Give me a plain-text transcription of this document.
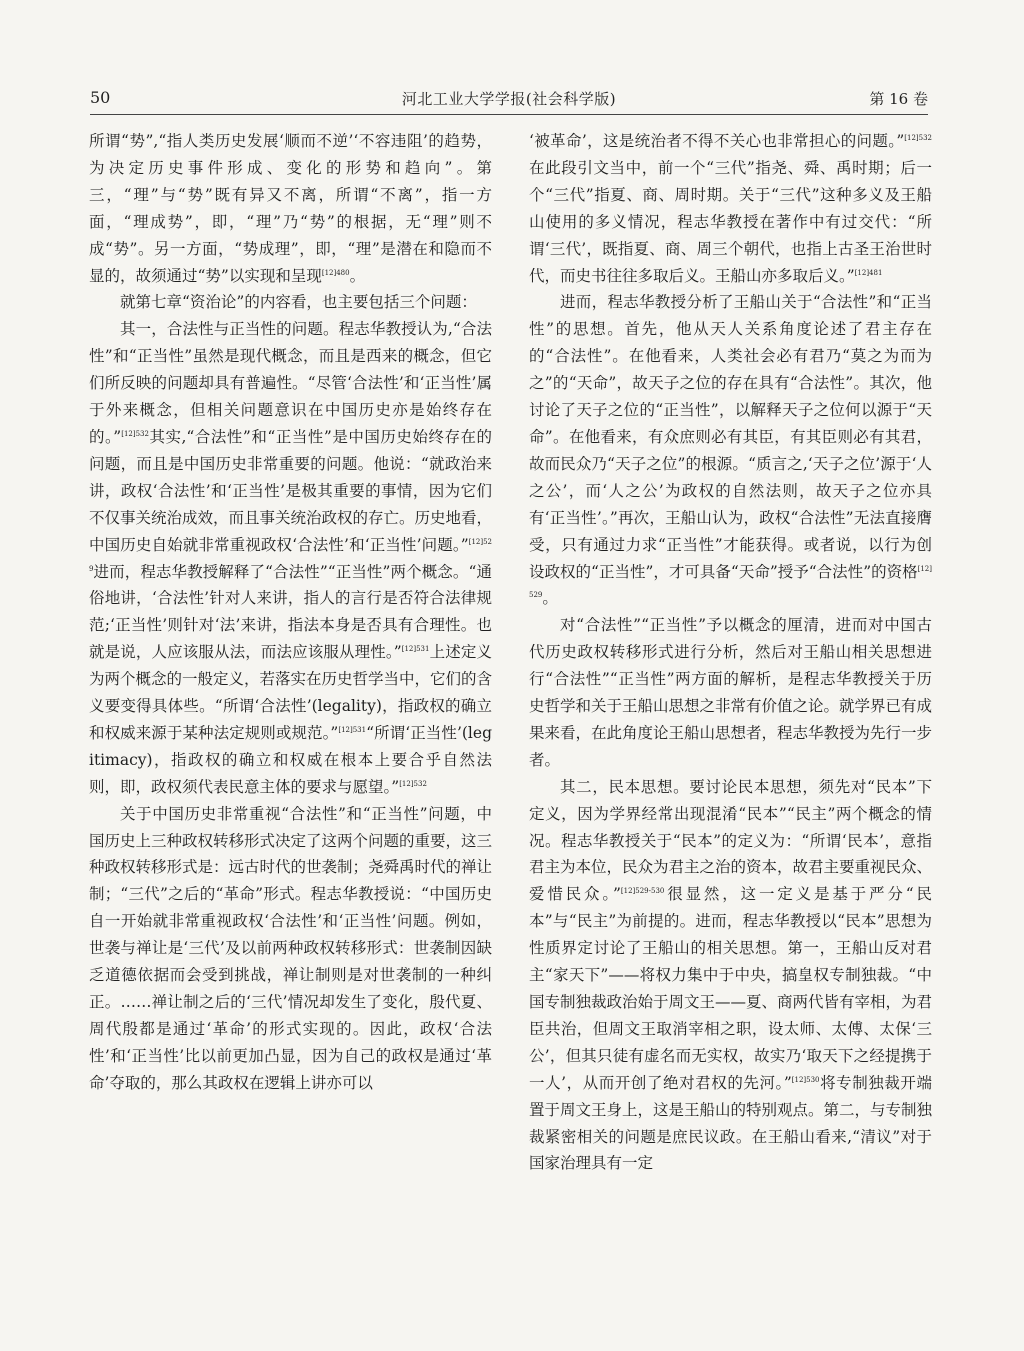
50	河北工业大学学报(社会科学版)	第 16 卷

所谓“势”,“指人类历史发展‘顺而不逆’‘不容违阻’的趋势，为决定历史事件形成、变化的形势和趋向”。第三，“理”与“势”既有异又不离，所谓“不离”，指一方面，“理成势”，即，“理”乃“势”的根据，无“理”则不成“势”。另一方面，“势成理”，即，“理”是潜在和隐而不显的，故须通过“势”以实现和呈现$^{[12]480}$。

就第七章“资治论”的内容看，也主要包括三个问题：

其一，合法性与正当性的问题。程志华教授认为,“合法性”和“正当性”虽然是现代概念，而且是西来的概念，但它们所反映的问题却具有普遍性。“尽管‘合法性’和‘正当性’属于外来概念，但相关问题意识在中国历史亦是始终存在的。”$^{[12]532}$其实,“合法性”和“正当性”是中国历史始终存在的问题，而且是中国历史非常重要的问题。他说：“就政治来讲，政权‘合法性’和‘正当性’是极其重要的事情，因为它们不仅事关统治成效，而且事关统治政权的存亡。历史地看，中国历史自始就非常重视政权‘合法性’和‘正当性’问题。”$^{[12]529}$进而，程志华教授解释了“合法性”“正当性”两个概念。“通俗地讲，‘合法性’针对人来讲，指人的言行是否符合法律规范;‘正当性’则针对‘法’来讲，指法本身是否具有合理性。也就是说，人应该服从法，而法应该服从理性。”$^{[12]531}$上述定义为两个概念的一般定义，若落实在历史哲学当中，它们的含义要变得具体些。“所谓‘合法性’(legality)，指政权的确立和权威来源于某种法定规则或规范。”$^{[12]531}$“所谓‘正当性’(legitimacy)，指政权的确立和权威在根本上要合乎自然法则，即，政权须代表民意主体的要求与愿望。”$^{[12]532}$

关于中国历史非常重视“合法性”和“正当性”问题，中国历史上三种政权转移形式决定了这两个问题的重要，这三种政权转移形式是：远古时代的世袭制；尧舜禹时代的禅让制；“三代”之后的“革命”形式。程志华教授说：“中国历史自一开始就非常重视政权‘合法性’和‘正当性’问题。例如，世袭与禅让是‘三代’及以前两种政权转移形式：世袭制因缺乏道德依据而会受到挑战，禅让制则是对世袭制的一种纠正。……禅让制之后的‘三代’情况却发生了变化，殷代夏、周代殷都是通过‘革命’的形式实现的。因此，政权‘合法性’和‘正当性’比以前更加凸显，因为自己的政权是通过‘革命’夺取的，那么其政权在逻辑上讲亦可以

‘被革命’，这是统治者不得不关心也非常担心的问题。”$^{[12]532}$在此段引文当中，前一个“三代”指尧、舜、禹时期；后一个“三代”指夏、商、周时期。关于“三代”这种多义及王船山使用的多义情况，程志华教授在著作中有过交代：“所谓‘三代’，既指夏、商、周三个朝代，也指上古圣王治世时代，而史书往往多取后义。王船山亦多取后义。”$^{[12]481}$

进而，程志华教授分析了王船山关于“合法性”和“正当性”的思想。首先，他从天人关系角度论述了君主存在的“合法性”。在他看来，人类社会必有君乃“莫之为而为之”的“天命”，故天子之位的存在具有“合法性”。其次，他讨论了天子之位的“正当性”，以解释天子之位何以源于“天命”。在他看来，有众庶则必有其臣，有其臣则必有其君，故而民众乃“天子之位”的根源。“质言之,‘天子之位’源于‘人之公’，而‘人之公’为政权的自然法则，故天子之位亦具有‘正当性’。”再次，王船山认为，政权“合法性”无法直接膺受，只有通过力求“正当性”才能获得。或者说，以行为创设政权的“正当性”，才可具备“天命”授予“合法性”的资格$^{[12]529}$。

对“合法性”“正当性”予以概念的厘清，进而对中国古代历史政权转移形式进行分析，然后对王船山相关思想进行“合法性”“正当性”两方面的解析，是程志华教授关于历史哲学和关于王船山思想之非常有价值之论。就学界已有成果来看，在此角度论王船山思想者，程志华教授为先行一步者。

其二，民本思想。要讨论民本思想，须先对“民本”下定义，因为学界经常出现混淆“民本”“民主”两个概念的情况。程志华教授关于“民本”的定义为：“所谓‘民本’，意指君主为本位，民众为君主之治的资本，故君主要重视民众、爱惜民众。”$^{[12]529-530}$很显然，这一定义是基于严分“民本”与“民主”为前提的。进而，程志华教授以“民本”思想为性质界定讨论了王船山的相关思想。第一，王船山反对君主“家天下”——将权力集中于中央，搞皇权专制独裁。“中国专制独裁政治始于周文王——夏、商两代皆有宰相，为君臣共治，但周文王取消宰相之职，设太师、太傅、太保‘三公’，但其只徒有虚名而无实权，故实乃‘取天下之经提携于一人’，从而开创了绝对君权的先河。”$^{[12]530}$将专制独裁开端置于周文王身上，这是王船山的特别观点。第二，与专制独裁紧密相关的问题是庶民议政。在王船山看来,“清议”对于国家治理具有一定
